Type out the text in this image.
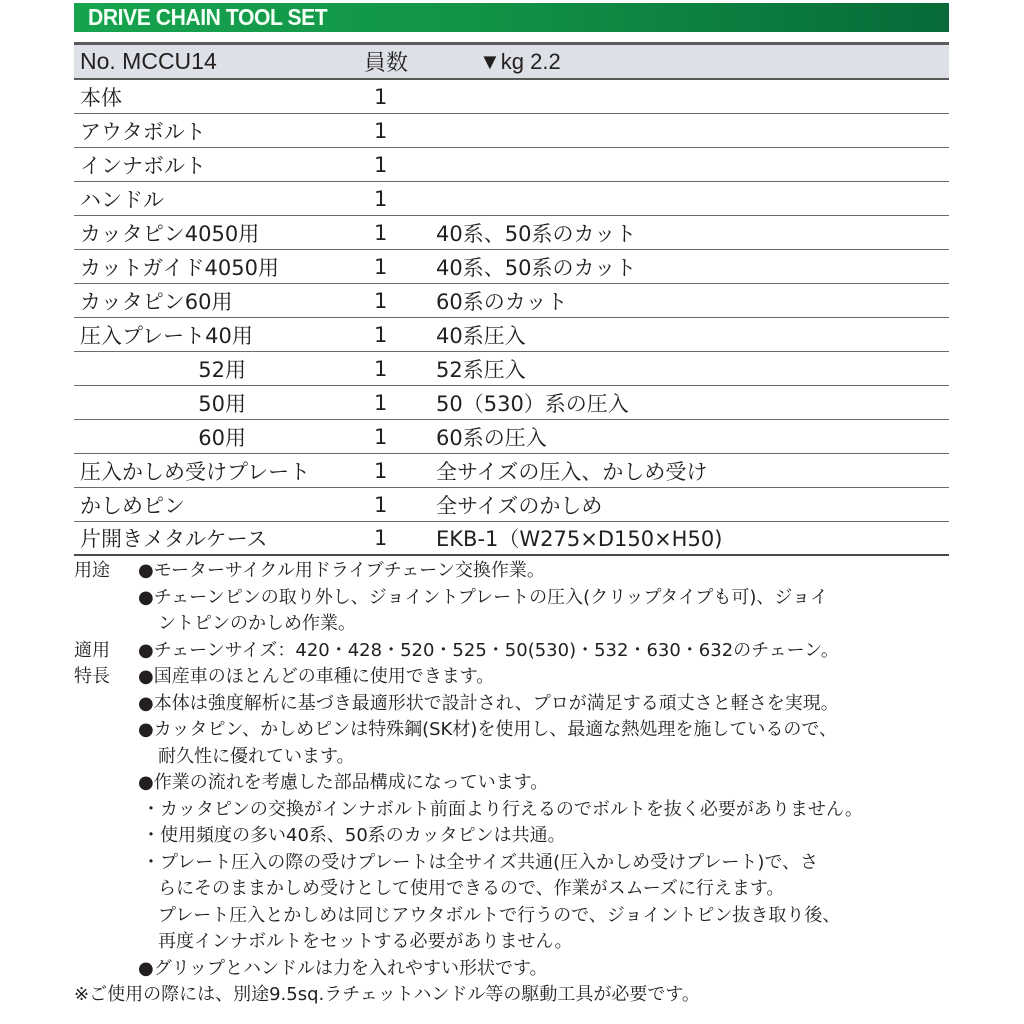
DRIVE CHAIN TOOL SET
No. MCCU14	員数	▼kg 2.2
本体	1
アウタボルト	1
インナボルト	1
ハンドル	1
カッタピン4050用	1	40系、50系のカット
カットガイド4050用	1	40系、50系のカット
カッタピン60用	1	60系のカット
圧入プレート40用	1	40系圧入
52用	1	52系圧入
50用	1	50（530）系の圧入
60用	1	60系の圧入
圧入かしめ受けプレート	1	全サイズの圧入、かしめ受け
かしめピン	1	全サイズのかしめ
片開きメタルケース	1	EKB-1（W275×D150×H50)
用途	●モーターサイクル用ドライブチェーン交換作業。
●チェーンピンの取り外し、ジョイントプレートの圧入(クリップタイプも可)、ジョイ
ントピンのかしめ作業。
適用	●チェーンサイズ：420・428・520・525・50(530)・532・630・632のチェーン。
特長	●国産車のほとんどの車種に使用できます。
●本体は強度解析に基づき最適形状で設計され、プロが満足する頑丈さと軽さを実現。
●カッタピン、かしめピンは特殊鋼(SK材)を使用し、最適な熱処理を施しているので、
耐久性に優れています。
●作業の流れを考慮した部品構成になっています。
・カッタピンの交換がインナボルト前面より行えるのでボルトを抜く必要がありません。
・使用頻度の多い40系、50系のカッタピンは共通。
・プレート圧入の際の受けプレートは全サイズ共通(圧入かしめ受けプレート)で、さ
らにそのままかしめ受けとして使用できるので、作業がスムーズに行えます。
プレート圧入とかしめは同じアウタボルトで行うので、ジョイントピン抜き取り後、
再度インナボルトをセットする必要がありません。
●グリップとハンドルは力を入れやすい形状です。
※ご使用の際には、別途9.5sq.ラチェットハンドル等の駆動工具が必要です。
